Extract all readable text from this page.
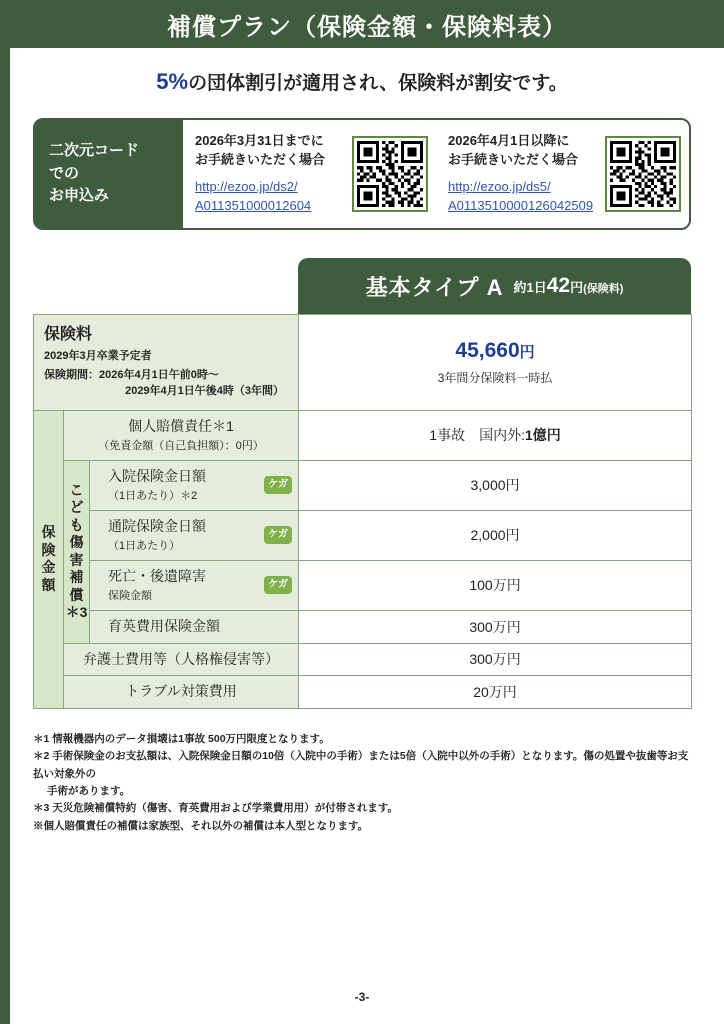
補償プラン（保険金額・保険料表）
5%の団体割引が適用され、保険料が割安です。
二次元コード
での
お申込み
2026年3月31日までに
お手続きいただく場合
http://ezoo.jp/ds2/
A011351000012604
2026年4月1日以降に
お手続きいただく場合
http://ezoo.jp/ds5/
A0113510000126042509
基本タイプ A 約1日42円(保険料)
保険料
2029年3月卒業予定者
保険期間：2026年4月1日午前0時～
2029年4月1日午後4時（3年間）

45,660円
3年間分保険料一時払

保
険
金
額	個人賠償責任＊1
（免責金額（自己負担額）：0円）		1事故　国内外:1億円
こ
ど
も
傷
害
補
償
＊3	入院保険金日額
（1日あたり）＊2
ケガ	3,000円
		通院保険金日額
（1日あたり）
ケガ	2,000円
		死亡・後遺障害
保険金額
ケガ	100万円
		育英費用保険金額	300万円
	弁護士費用等（人格権侵害等）		300万円
	トラブル対策費用		20万円
＊1 情報機器内のデータ損壊は1事故 500万円限度となります。
＊2 手術保険金のお支払額は、入院保険金日額の10倍（入院中の手術）または5倍（入院中以外の手術）となります。傷の処置や抜歯等お支払い対象外の
手術があります。
＊3 天災危険補償特約（傷害、育英費用および学業費用用）が付帯されます。
※個人賠償責任の補償は家族型、それ以外の補償は本人型となります。
-3-
